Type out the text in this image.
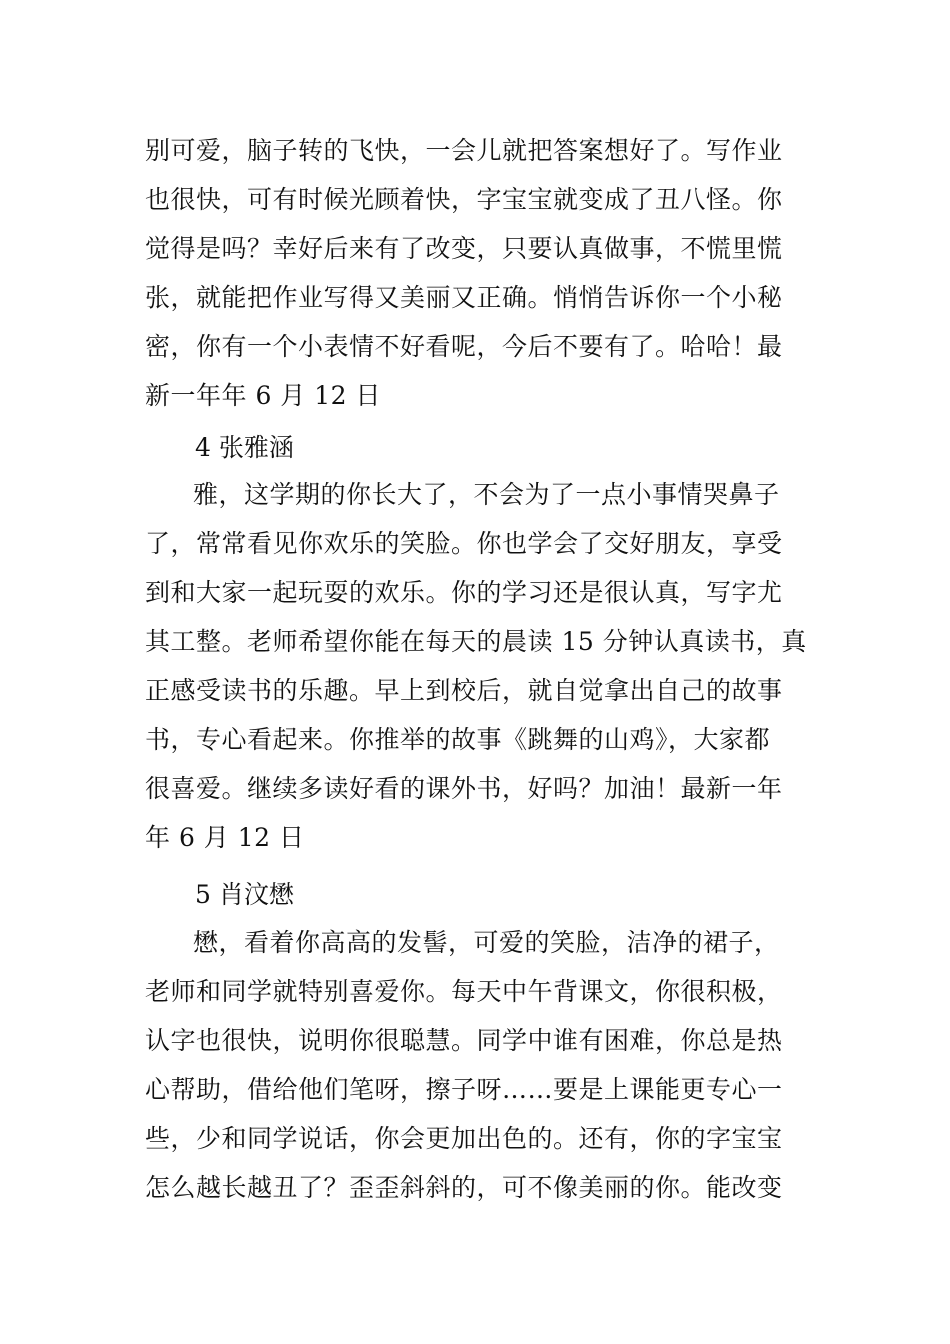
别可爱，脑子转的飞快，一会儿就把答案想好了。写作业
也很快，可有时候光顾着快，字宝宝就变成了丑八怪。你
觉得是吗？幸好后来有了改变，只要认真做事，不慌里慌
张，就能把作业写得又美丽又正确。悄悄告诉你一个小秘
密，你有一个小表情不好看呢，今后不要有了。哈哈！最
新一年年 6 月 12 日
4 张雅涵
雅，这学期的你长大了，不会为了一点小事情哭鼻子
了，常常看见你欢乐的笑脸。你也学会了交好朋友，享受
到和大家一起玩耍的欢乐。你的学习还是很认真，写字尤
其工整。老师希望你能在每天的晨读 15 分钟认真读书，真
正感受读书的乐趣。早上到校后，就自觉拿出自己的故事
书，专心看起来。你推举的故事《跳舞的山鸡》，大家都
很喜爱。继续多读好看的课外书，好吗？加油！最新一年
年 6 月 12 日
5 肖汶懋
懋，看着你高高的发髻，可爱的笑脸，洁净的裙子，
老师和同学就特别喜爱你。每天中午背课文，你很积极，
认字也很快，说明你很聪慧。同学中谁有困难，你总是热
心帮助，借给他们笔呀，擦子呀……要是上课能更专心一
些，少和同学说话，你会更加出色的。还有，你的字宝宝
怎么越长越丑了？歪歪斜斜的，可不像美丽的你。能改变
